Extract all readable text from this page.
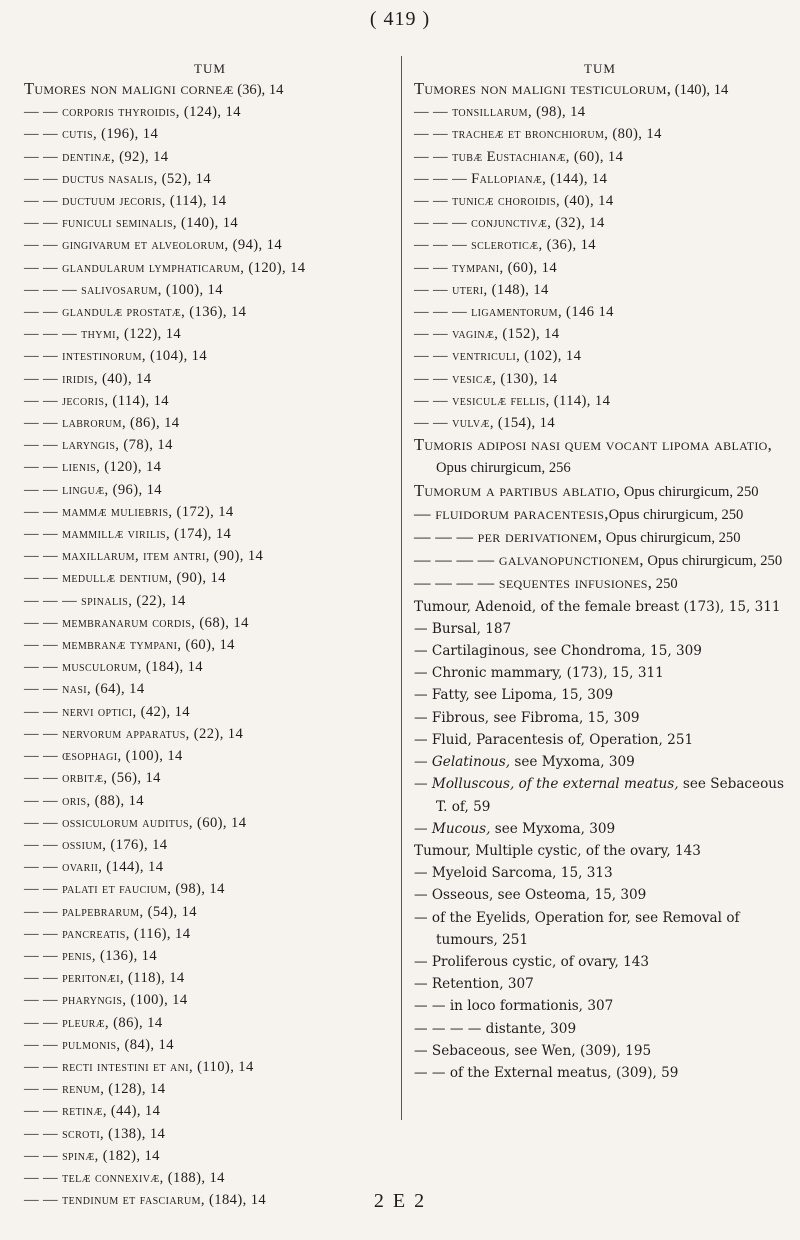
( 419 )
TUM
Tumores non maligni corneæ (36), 14
— — corporis thyroidis, (124), 14
— — cutis, (196), 14
— — dentinæ, (92), 14
— — ductus nasalis, (52), 14
— — ductuum jecoris, (114), 14
— — funiculi seminalis, (140), 14
— — gingivarum et alveolorum, (94), 14
— — glandularum lymphaticarum, (120), 14
— — — salivosarum, (100), 14
— — glandulæ prostatæ, (136), 14
— — — thymi, (122), 14
— — intestinorum, (104), 14
— — iridis, (40), 14
— — jecoris, (114), 14
— — labrorum, (86), 14
— — laryngis, (78), 14
— — lienis, (120), 14
— — linguæ, (96), 14
— — mammæ muliebris, (172), 14
— — mammillæ virilis, (174), 14
— — maxillarum, item antri, (90), 14
— — medullæ dentium, (90), 14
— — — spinalis, (22), 14
— — membranarum cordis, (68), 14
— — membranæ tympani, (60), 14
— — musculorum, (184), 14
— — nasi, (64), 14
— — nervi optici, (42), 14
— — nervorum apparatus, (22), 14
— — œsophagi, (100), 14
— — orbitæ, (56), 14
— — oris, (88), 14
— — ossiculorum auditus, (60), 14
— — ossium, (176), 14
— — ovarii, (144), 14
— — palati et faucium, (98), 14
— — palpebrarum, (54), 14
— — pancreatis, (116), 14
— — penis, (136), 14
— — peritonæi, (118), 14
— — pharyngis, (100), 14
— — pleuræ, (86), 14
— — pulmonis, (84), 14
— — recti intestini et ani, (110), 14
— — renum, (128), 14
— — retinæ, (44), 14
— — scroti, (138), 14
— — spinæ, (182), 14
— — telæ connexivæ, (188), 14
— — tendinum et fasciarum, (184), 14
TUM
Tumores non maligni testiculorum, (140), 14
— — tonsillarum, (98), 14
— — tracheæ et bronchiorum, (80), 14
— — tubæ Eustachianæ, (60), 14
— — — Fallopianæ, (144), 14
— — tunicæ choroidis, (40), 14
— — — conjunctivæ, (32), 14
— — — scleroticæ, (36), 14
— — tympani, (60), 14
— — uteri, (148), 14
— — — ligamentorum, (146 14
— — vaginæ, (152), 14
— — ventriculi, (102), 14
— — vesicæ, (130), 14
— — vesiculæ fellis, (114), 14
— — vulvæ, (154), 14
Tumoris adiposi nasi quem vocant lipoma ablatio, Opus chirurgicum, 256
Tumorum a partibus ablatio, Opus chirurgicum, 250
— fluidorum paracentesis,Opus chirurgicum, 250
— — — per derivationem, Opus chirurgicum, 250
— — — — galvanopunctionem, Opus chirurgicum, 250
— — — — sequentes infusiones, 250
Tumour, Adenoid, of the female breast (173), 15, 311
— Bursal, 187
— Cartilaginous, see Chondroma, 15, 309
— Chronic mammary, (173), 15, 311
— Fatty, see Lipoma, 15, 309
— Fibrous, see Fibroma, 15, 309
— Fluid, Paracentesis of, Operation, 251
— Gelatinous, see Myxoma, 309
— Molluscous, of the external meatus, see Sebaceous T. of, 59
— Mucous, see Myxoma, 309
Tumour, Multiple cystic, of the ovary, 143
— Myeloid Sarcoma, 15, 313
— Osseous, see Osteoma, 15, 309
— of the Eyelids, Operation for, see Removal of tumours, 251
— Proliferous cystic, of ovary, 143
— Retention, 307
— — in loco formationis, 307
— — — — distante, 309
— Sebaceous, see Wen, (309), 195
— — of the External meatus, (309), 59
2 E 2
